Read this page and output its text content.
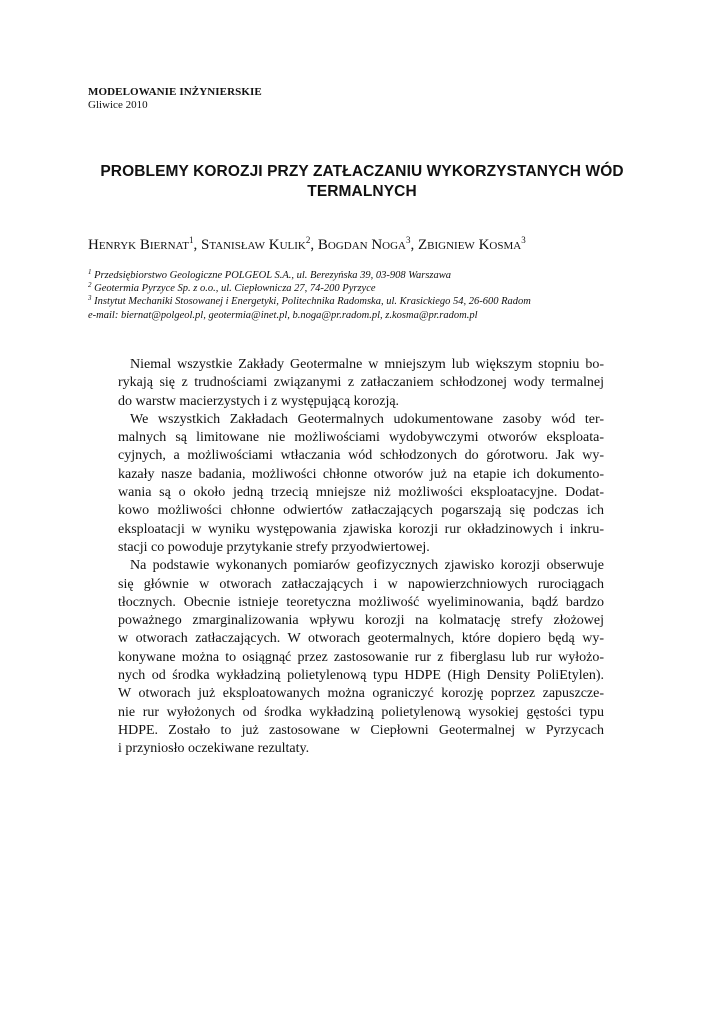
MODELOWANIE INŻYNIERSKIE
Gliwice 2010
PROBLEMY KOROZJI PRZY ZATŁACZANIU WYKORZYSTANYCH WÓD
TERMALNYCH
Henryk Biernat$^1$, Stanisław Kulik$^2$, Bogdan Noga$^3$, Zbigniew Kosma$^3$
$^1$ Przedsiębiorstwo Geologiczne POLGEOL S.A., ul. Berezyńska 39, 03-908 Warszawa
$^2$ Geotermia Pyrzyce Sp. z o.o., ul. Ciepłownicza 27, 74-200 Pyrzyce
$^3$ Instytut Mechaniki Stosowanej i Energetyki, Politechnika Radomska, ul. Krasickiego 54, 26-600 Radom
e-mail: biernat@polgeol.pl, geotermia@inet.pl, b.noga@pr.radom.pl, z.kosma@pr.radom.pl
Niemal wszystkie Zakłady Geotermalne w mniejszym lub większym stopniu bo-
rykają się z trudnościami związanymi z zatłaczaniem schłodzonej wody termalnej
do warstw macierzystych i z występującą korozją.
We wszystkich Zakładach Geotermalnych udokumentowane zasoby wód ter-
malnych są limitowane nie możliwościami wydobywczymi otworów eksploata-
cyjnych, a możliwościami wtłaczania wód schłodzonych do górotworu. Jak wy-
kazały nasze badania, możliwości chłonne otworów już na etapie ich dokumento-
wania są o około jedną trzecią mniejsze niż możliwości eksploatacyjne. Dodat-
kowo możliwości chłonne odwiertów zatłaczających pogarszają się podczas ich
eksploatacji w wyniku występowania zjawiska korozji rur okładzinowych i inkru-
stacji co powoduje przytykanie strefy przyodwiertowej.
Na podstawie wykonanych pomiarów geofizycznych zjawisko korozji obserwuje
się głównie w otworach zatłaczających i w napowierzchniowych rurociągach
tłocznych. Obecnie istnieje teoretyczna możliwość wyeliminowania, bądź bardzo
poważnego zmarginalizowania wpływu korozji na kolmatację strefy złożowej
w otworach zatłaczających. W otworach geotermalnych, które dopiero będą wy-
konywane można to osiągnąć przez zastosowanie rur z fiberglasu lub rur wyłożo-
nych od środka wykładziną polietylenową typu HDPE (High Density PoliEtylen).
W otworach już eksploatowanych można ograniczyć korozję poprzez zapuszcze-
nie rur wyłożonych od środka wykładziną polietylenową wysokiej gęstości typu
HDPE. Zostało to już zastosowane w Ciepłowni Geotermalnej w Pyrzycach
i przyniosło oczekiwane rezultaty.
